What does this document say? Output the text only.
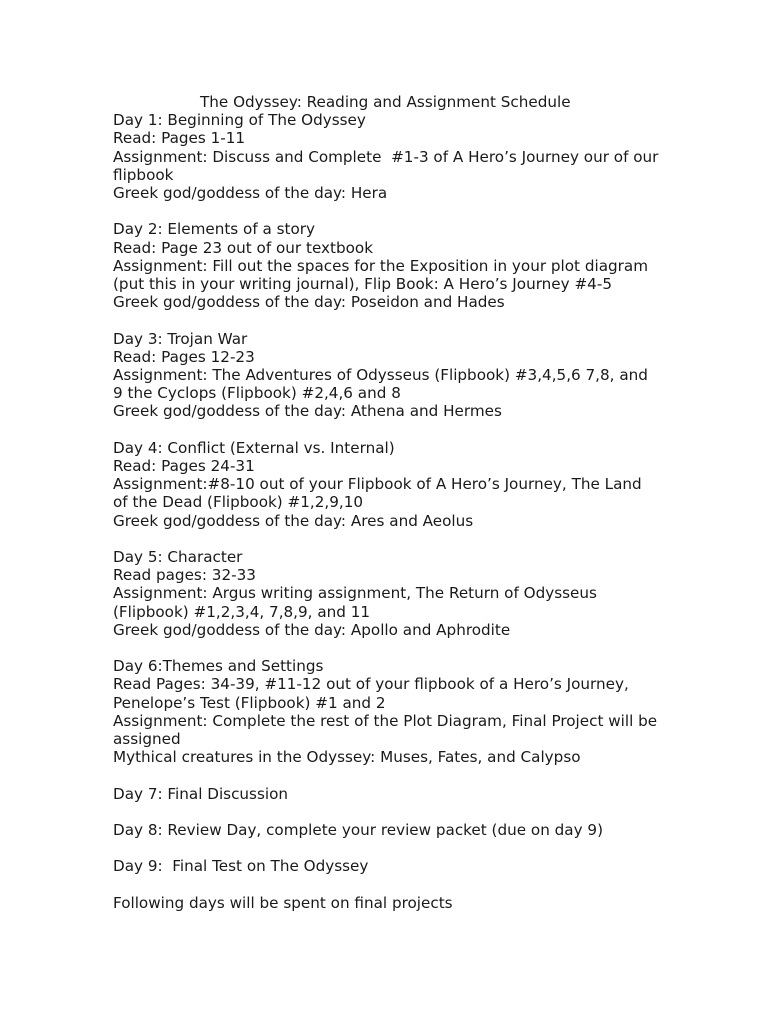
The Odyssey: Reading and Assignment Schedule
Day 1: Beginning of The Odyssey
Read: Pages 1-11
Assignment: Discuss and Complete  #1-3 of A Hero’s Journey our of our
flipbook
Greek god/goddess of the day: Hera
Day 2: Elements of a story
Read: Page 23 out of our textbook
Assignment: Fill out the spaces for the Exposition in your plot diagram
(put this in your writing journal), Flip Book: A Hero’s Journey #4-5
Greek god/goddess of the day: Poseidon and Hades
Day 3: Trojan War
Read: Pages 12-23
Assignment: The Adventures of Odysseus (Flipbook) #3,4,5,6 7,8, and
9 the Cyclops (Flipbook) #2,4,6 and 8
Greek god/goddess of the day: Athena and Hermes
Day 4: Conflict (External vs. Internal)
Read: Pages 24-31
Assignment:#8-10 out of your Flipbook of A Hero’s Journey, The Land
of the Dead (Flipbook) #1,2,9,10
Greek god/goddess of the day: Ares and Aeolus
Day 5: Character
Read pages: 32-33
Assignment: Argus writing assignment, The Return of Odysseus
(Flipbook) #1,2,3,4, 7,8,9, and 11
Greek god/goddess of the day: Apollo and Aphrodite
Day 6:Themes and Settings
Read Pages: 34-39, #11-12 out of your flipbook of a Hero’s Journey,
Penelope’s Test (Flipbook) #1 and 2
Assignment: Complete the rest of the Plot Diagram, Final Project will be
assigned
Mythical creatures in the Odyssey: Muses, Fates, and Calypso
Day 7: Final Discussion
Day 8: Review Day, complete your review packet (due on day 9)
Day 9:  Final Test on The Odyssey
Following days will be spent on final projects
